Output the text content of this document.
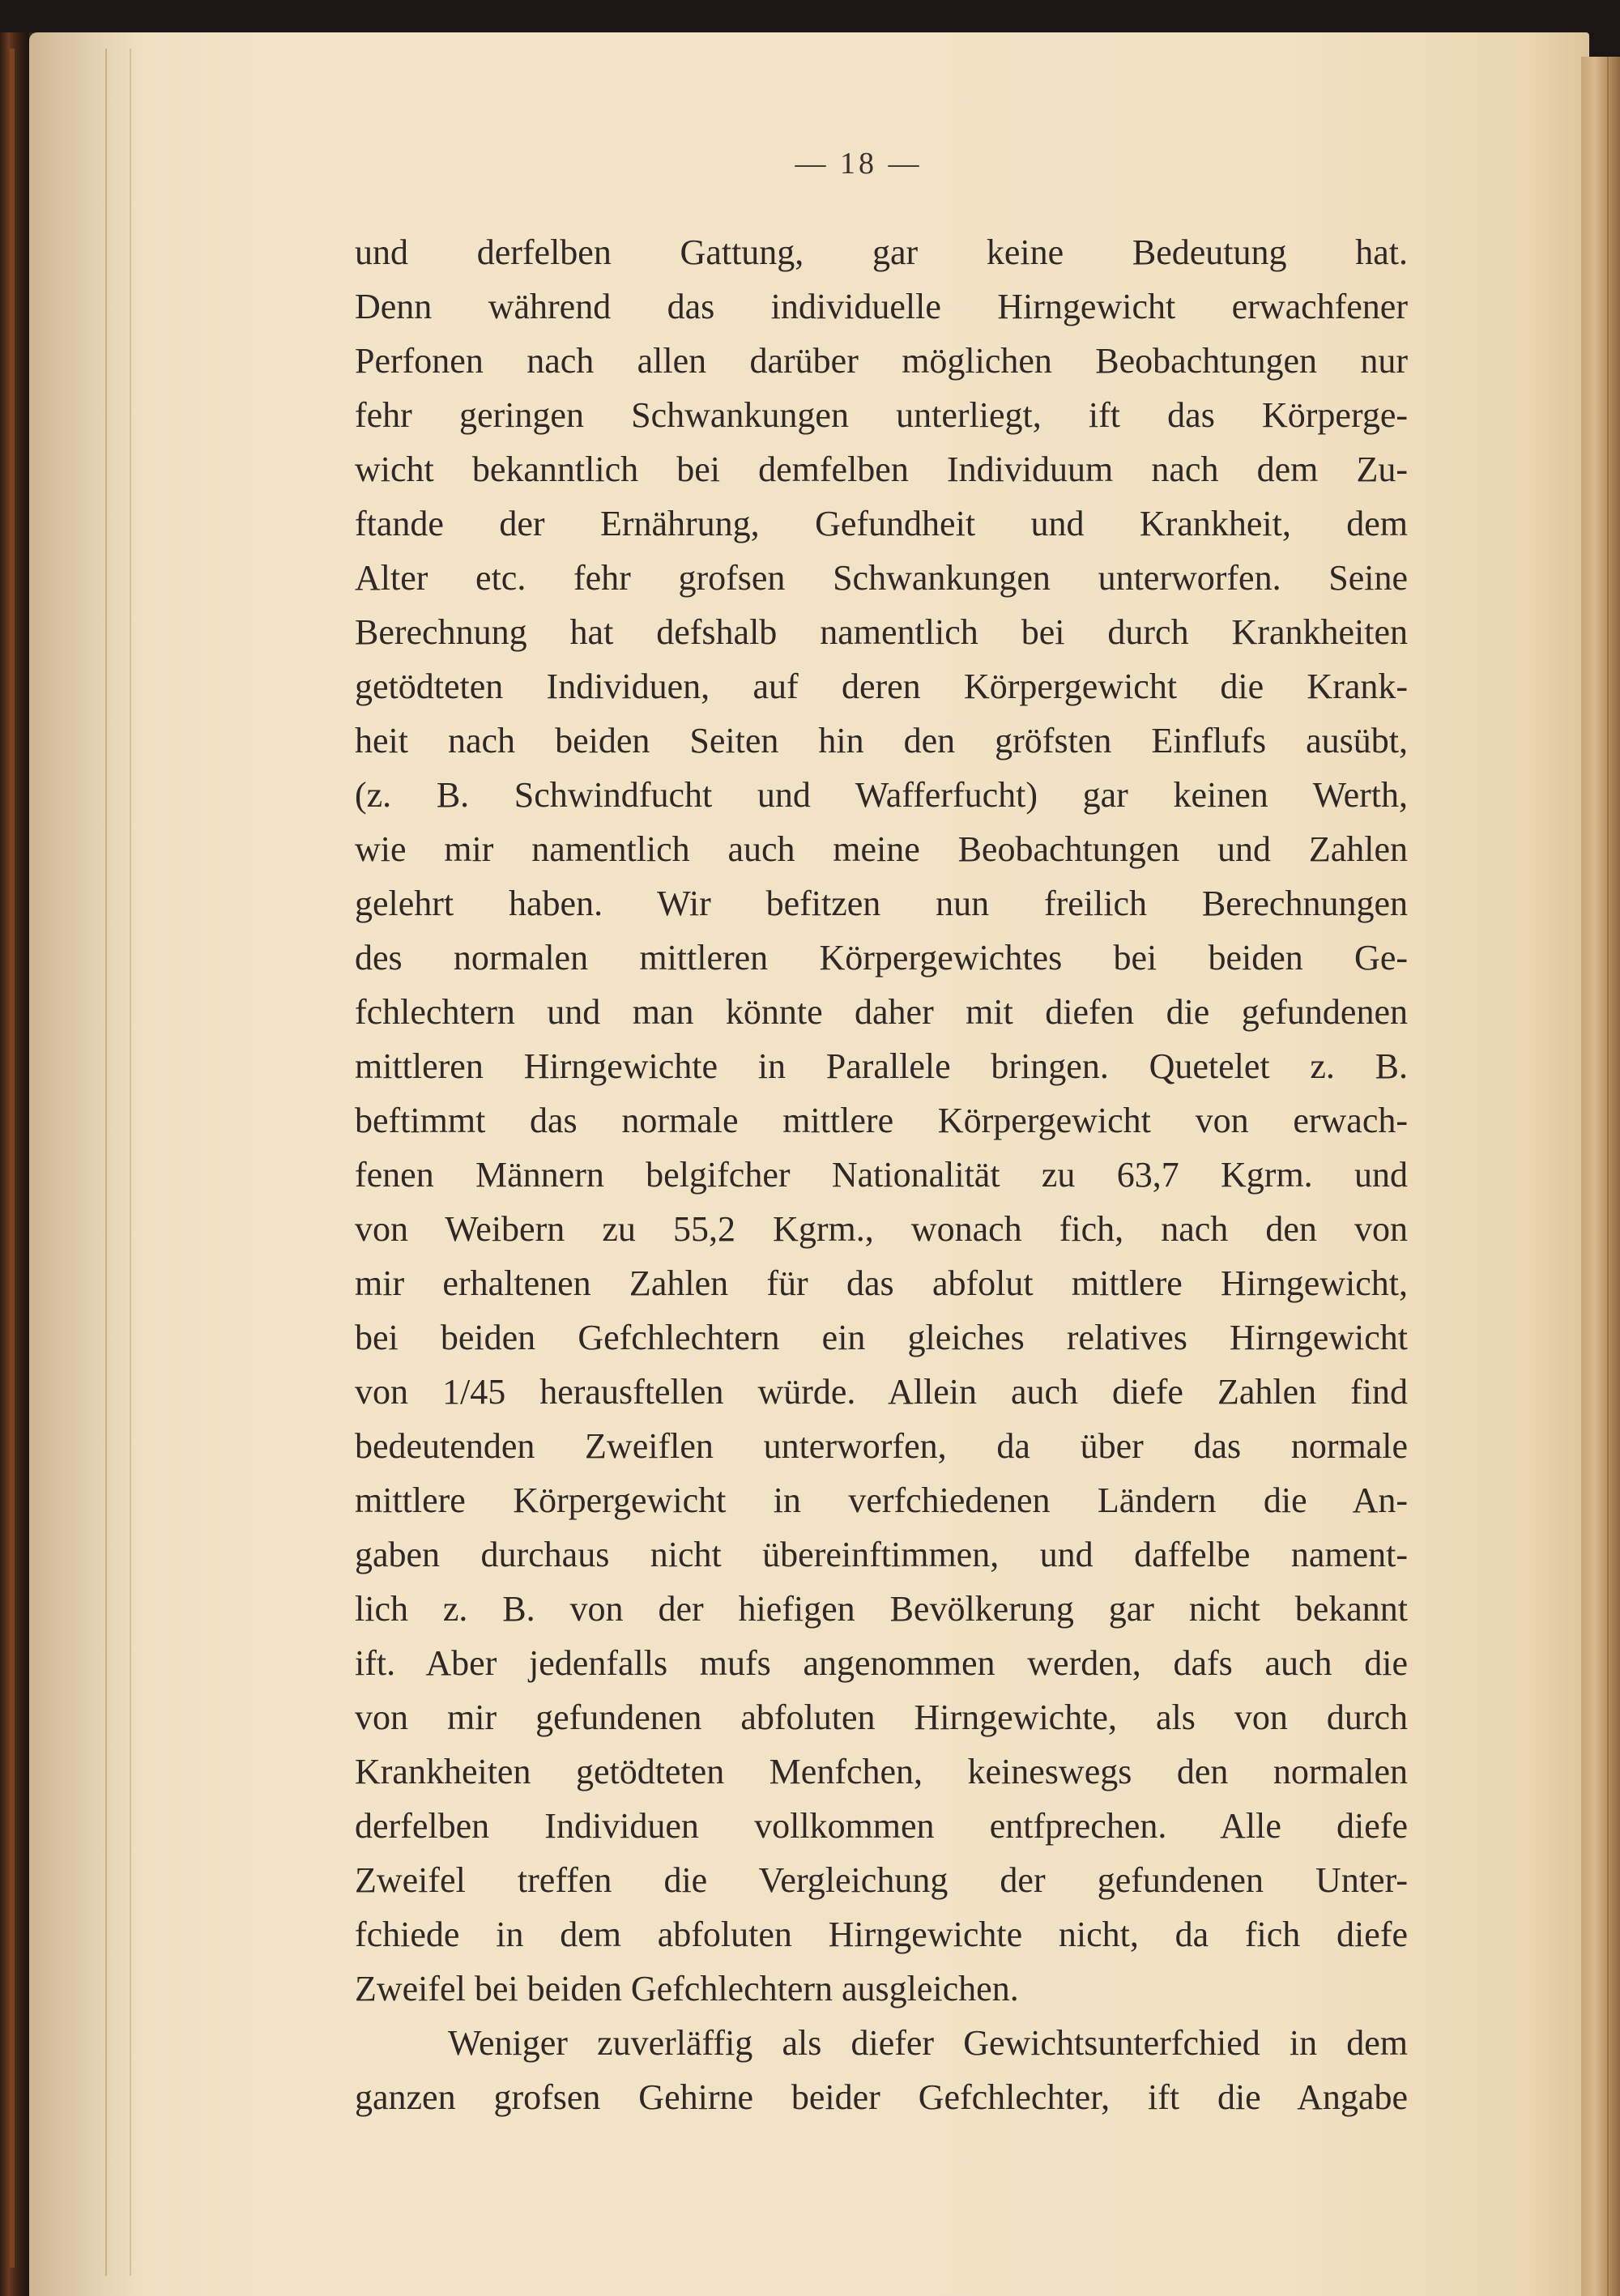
— 18 —
und derfelben Gattung, gar keine Bedeutung hat.
Denn während das individuelle Hirngewicht erwachfener
Perfonen nach allen darüber möglichen Beobachtungen nur
fehr geringen Schwankungen unterliegt, ift das Körperge-
wicht bekanntlich bei demfelben Individuum nach dem Zu-
ftande der Ernährung, Gefundheit und Krankheit, dem
Alter etc. fehr grofsen Schwankungen unterworfen. Seine
Berechnung hat defshalb namentlich bei durch Krankheiten
getödteten Individuen, auf deren Körpergewicht die Krank-
heit nach beiden Seiten hin den gröfsten Einflufs ausübt,
(z. B. Schwindfucht und Wafferfucht) gar keinen Werth,
wie mir namentlich auch meine Beobachtungen und Zahlen
gelehrt haben. Wir befitzen nun freilich Berechnungen
des normalen mittleren Körpergewichtes bei beiden Ge-
fchlechtern und man könnte daher mit diefen die gefundenen
mittleren Hirngewichte in Parallele bringen. Quetelet z. B.
beftimmt das normale mittlere Körpergewicht von erwach-
fenen Männern belgifcher Nationalität zu 63,7 Kgrm. und
von Weibern zu 55,2 Kgrm., wonach fich, nach den von
mir erhaltenen Zahlen für das abfolut mittlere Hirngewicht,
bei beiden Gefchlechtern ein gleiches relatives Hirngewicht
von 1/45 herausftellen würde. Allein auch diefe Zahlen find
bedeutenden Zweiflen unterworfen, da über das normale
mittlere Körpergewicht in verfchiedenen Ländern die An-
gaben durchaus nicht übereinftimmen, und daffelbe nament-
lich z. B. von der hiefigen Bevölkerung gar nicht bekannt
ift. Aber jedenfalls mufs angenommen werden, dafs auch die
von mir gefundenen abfoluten Hirngewichte, als von durch
Krankheiten getödteten Menfchen, keineswegs den normalen
derfelben Individuen vollkommen entfprechen. Alle diefe
Zweifel treffen die Vergleichung der gefundenen Unter-
fchiede in dem abfoluten Hirngewichte nicht, da fich diefe
Zweifel bei beiden Gefchlechtern ausgleichen.
Weniger zuverläffig als diefer Gewichtsunterfchied in dem
ganzen grofsen Gehirne beider Gefchlechter, ift die Angabe
